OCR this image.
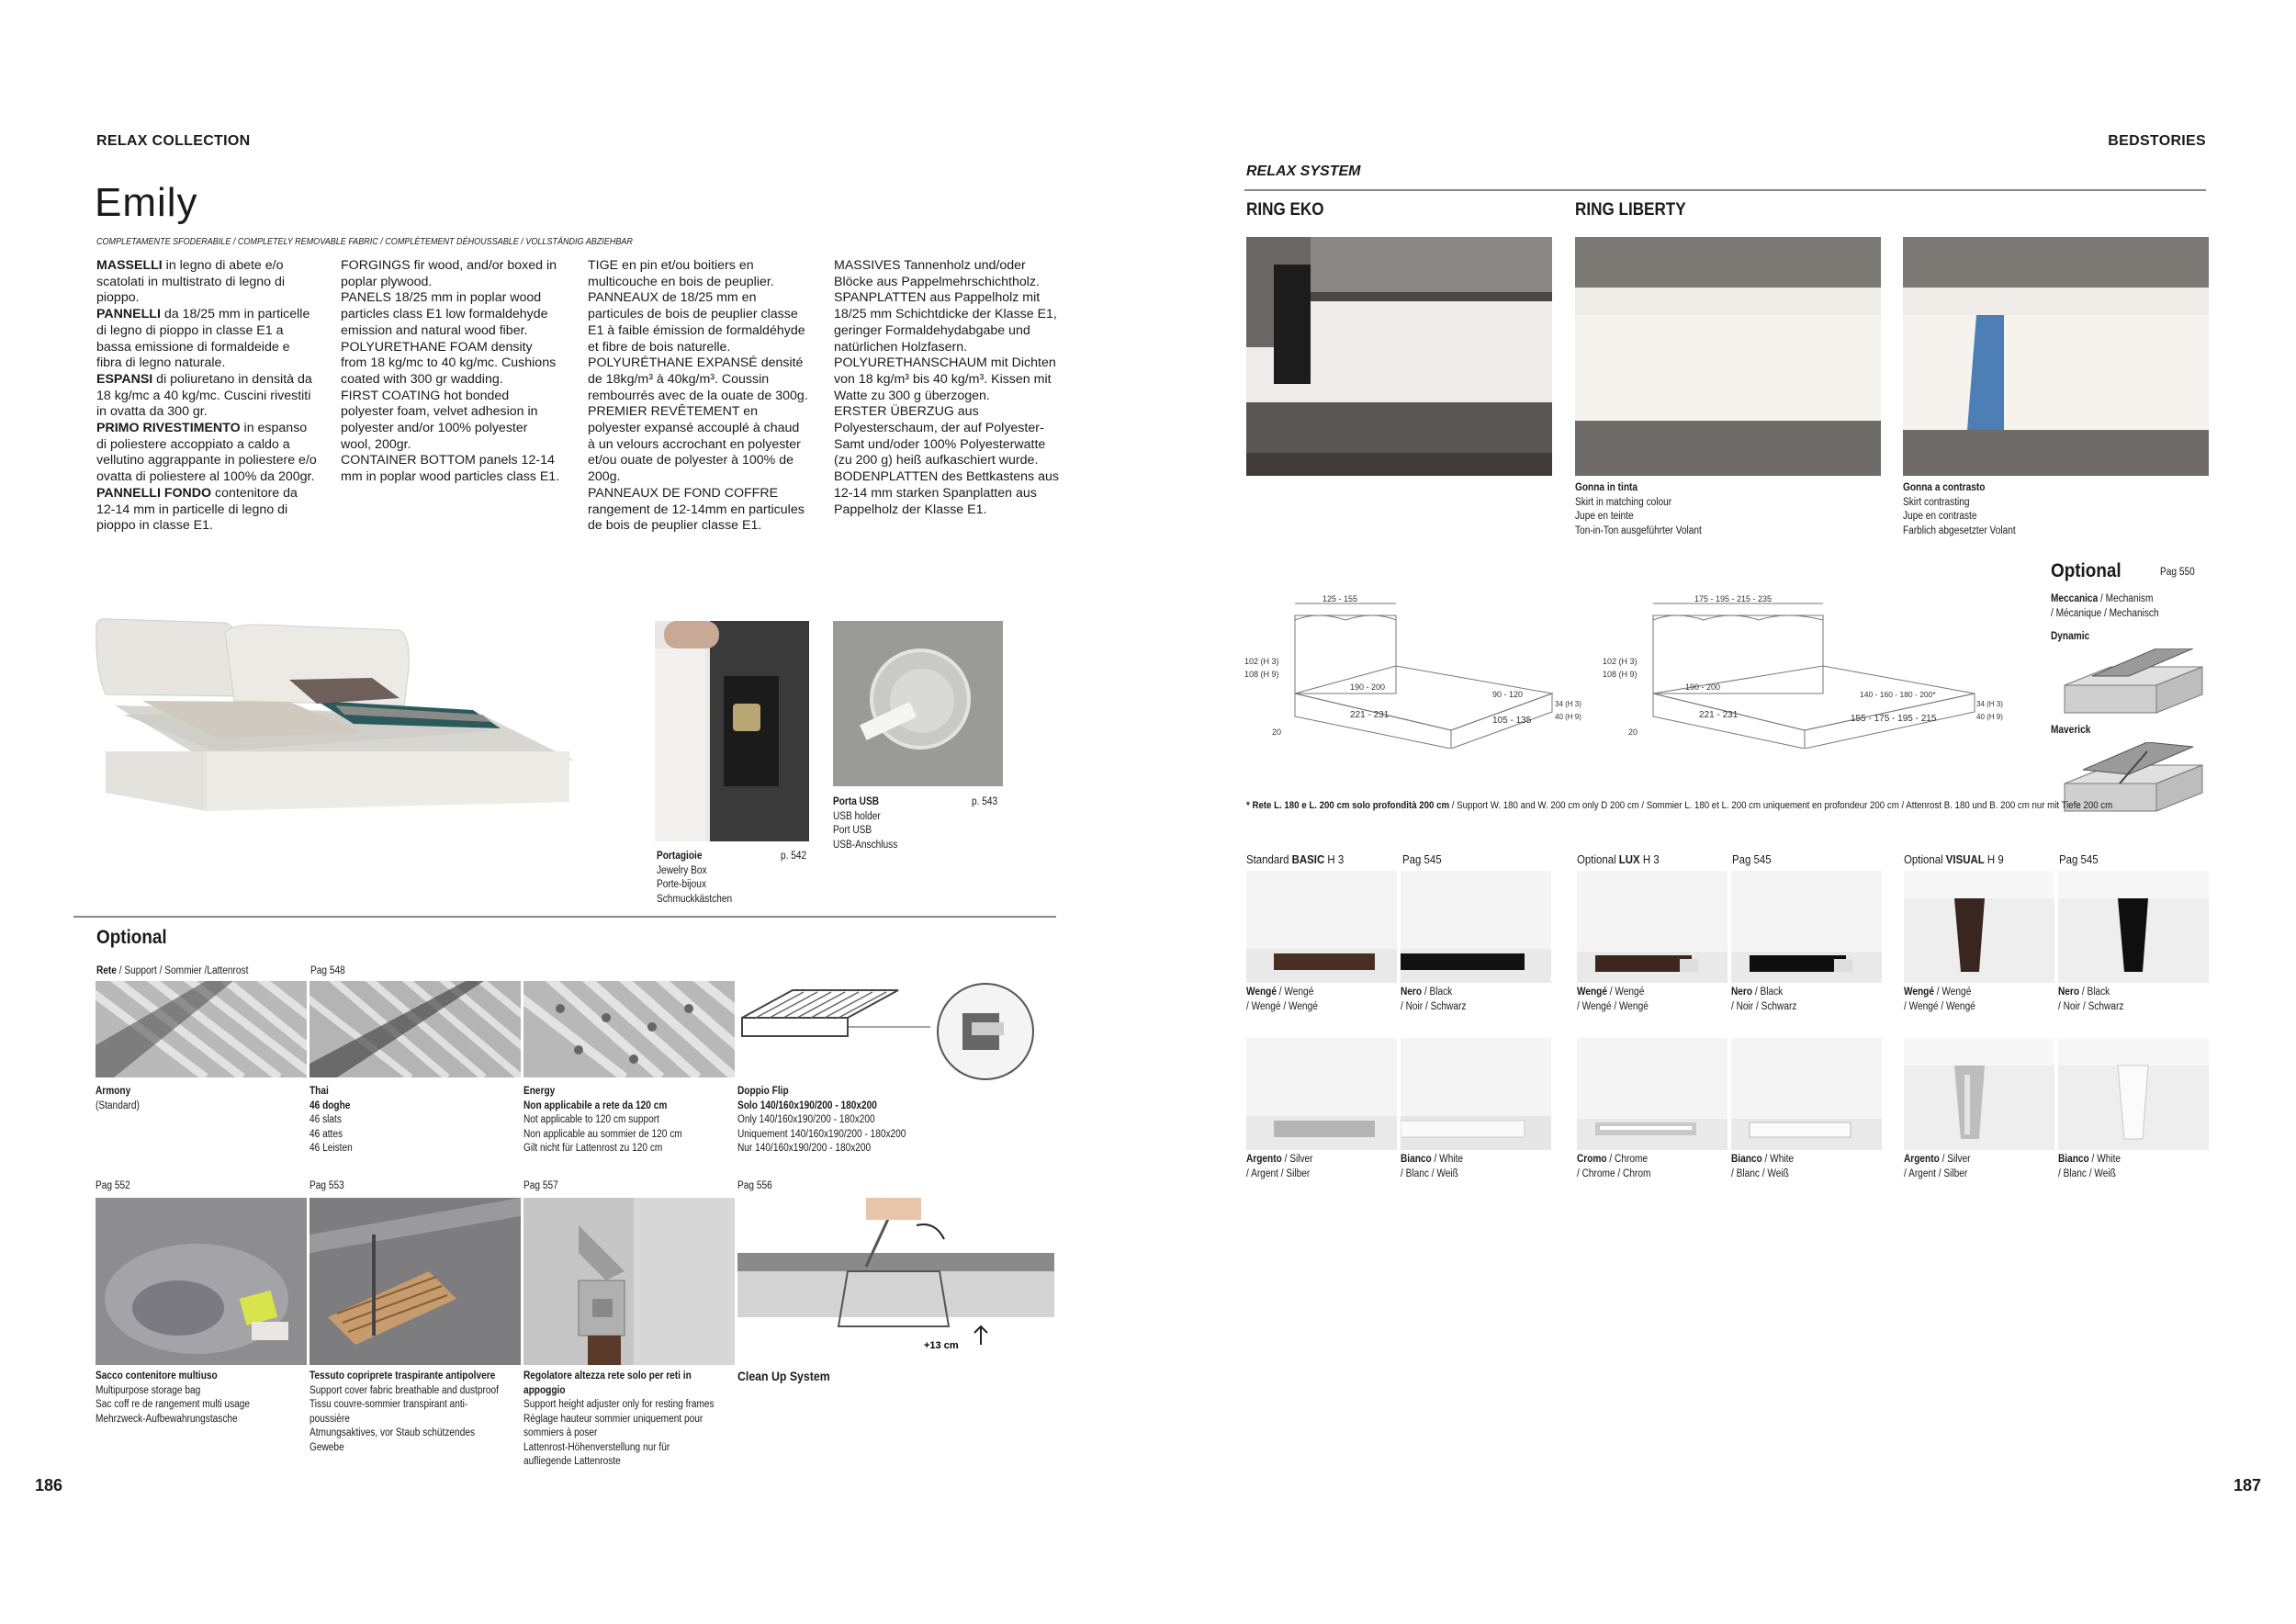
RELAX COLLECTION
Emily
COMPLETAMENTE SFODERABILE / COMPLETELY REMOVABLE FABRIC / COMPLÈTEMENT DÉHOUSSABLE / VOLLSTÄNDIG ABZIEHBAR
MASSELLI in legno di abete e/o scatolati in multistrato di legno di pioppo.
PANNELLI da 18/25 mm in particelle di legno di pioppo in classe E1 a bassa emissione di formaldeide e fibra di legno naturale.
ESPANSI di poliuretano in densità da 18 kg/mc a 40 kg/mc. Cuscini rivestiti in ovatta da 300 gr.
PRIMO RIVESTIMENTO in espanso di poliestere accoppiato a caldo a vellutino aggrappante in poliestere e/o ovatta di poliestere al 100% da 200gr.
PANNELLI FONDO contenitore da 12-14 mm in particelle di legno di pioppo in classe E1.
FORGINGS fir wood, and/or boxed in poplar plywood.
PANELS 18/25 mm in poplar wood particles class E1 low formaldehyde emission and natural wood fiber.
POLYURETHANE FOAM density from 18 kg/mc to 40 kg/mc. Cushions coated with 300 gr wadding.
FIRST COATING hot bonded polyester foam, velvet adhesion in polyester and/or 100% polyester wool, 200gr.
CONTAINER BOTTOM panels 12-14 mm in poplar wood particles class E1.
TIGE en pin et/ou boitiers en multicouche en bois de peuplier.
PANNEAUX de 18/25 mm en particules de bois de peuplier classe E1 à faible émission de formaldéhyde et fibre de bois naturelle.
POLYURÉTHANE EXPANSÉ densité de 18kg/m³ à 40kg/m³. Coussin rembourrés avec de la ouate de 300g.
PREMIER REVÊTEMENT en polyester expansé accouplé à chaud à un velours accrochant en polyester et/ou ouate de polyester à 100% de 200g.
PANNEAUX DE FOND COFFRE rangement de 12-14mm en particules de bois de peuplier classe E1.
MASSIVES Tannenholz und/oder Blöcke aus Pappelmehrschichtholz.
SPANPLATTEN aus Pappelholz mit 18/25 mm Schichtdicke der Klasse E1, geringer Formaldehydabgabe und natürlichen Holzfasern.
POLYURETHANSCHAUM mit Dichten von 18 kg/m³ bis 40 kg/m³. Kissen mit Watte zu 300 g überzogen.
ERSTER ÜBERZUG aus Polyesterschaum, der auf Polyester-Samt und/oder 100% Polyesterwatte (zu 200 g) heiß aufkaschiert wurde.
BODENPLATTEN des Bettkastens aus 12-14 mm starken Spanplatten aus Pappelholz der Klasse E1.
Portagioie
Jewelry Box
Porte-bijoux
Schmuckkästchen
p. 542
Porta USB
USB holder
Port USB
USB-Anschluss
p. 543
Optional
Rete / Support / Sommier /Lattenrost	Pag 548
Armony
(Standard)
Thai
46 doghe
46 slats
46 attes
46 Leisten
Energy
Non applicabile a rete da 120 cm
Not applicable to 120 cm support
Non applicable au sommier de 120 cm
Gilt nicht für Lattenrost zu 120 cm
Doppio Flip
Solo 140/160x190/200 - 180x200
Only 140/160x190/200 - 180x200
Uniquement 140/160x190/200 - 180x200
Nur 140/160x190/200 - 180x200
Pag 552	Pag 553	Pag 557	Pag 556
+13 cm
Sacco contenitore multiuso
Multipurpose storage bag
Sac coff re de rangement multi usage
Mehrzweck-Aufbewahrungstasche
Tessuto copriprete traspirante antipolvere
Support cover fabric breathable and dustproof
Tissu couvre-sommier transpirant anti-
poussière
Atmungsaktives, vor Staub schützendes
Gewebe
Regolatore altezza rete solo per reti in
appoggio
Support height adjuster only for resting frames
Réglage hauteur sommier uniquement pour
sommiers à poser
Lattenrost-Höhenverstellung nur für
aufliegende Lattenroste
Clean Up System
186
BEDSTORIES
RELAX SYSTEM
RING EKO	RING LIBERTY
Gonna in tinta
Skirt in matching colour
Jupe en teinte
Ton-in-Ton ausgeführter Volant
Gonna a contrasto
Skirt contrasting
Jupe en contraste
Farblich abgesetzter Volant
Optional	Pag 550
Meccanica / Mechanism
/ Mécanique / Mechanisch
Dynamic
Maverick
125 - 155
102 (H 3)
108 (H 9)
190 - 200
90 - 120
221 - 231
105 - 135
34 (H 3)
40 (H 9)
20
175 - 195 - 215 - 235
102 (H 3)
108 (H 9)
190 - 200
140 - 160 - 180 - 200*
221 - 231	155 - 175 - 195 - 215
34 (H 3)
40 (H 9)
20
* Rete L. 180 e L. 200 cm solo profondità 200 cm / Support W. 180 and W. 200 cm only D 200 cm / Sommier L. 180 et L. 200 cm uniquement en profondeur 200 cm / Attenrost B. 180 und B. 200 cm nur mit Tiefe 200 cm
Standard BASIC H 3	Pag 545	Optional LUX H 3	Pag 545	Optional VISUAL H 9	Pag 545
Wengé / Wengé
/ Wengé / Wengé
Nero / Black
/ Noir / Schwarz
Wengé / Wengé
/ Wengé / Wengé
Nero / Black
/ Noir / Schwarz
Wengé / Wengé
/ Wengé / Wengé
Nero / Black
/ Noir / Schwarz
Argento / Silver
/ Argent / Silber
Bianco / White
/ Blanc / Weiß
Cromo / Chrome
/ Chrome / Chrom
Bianco / White
/ Blanc / Weiß
Argento / Silver
/ Argent / Silber
Bianco / White
/ Blanc / Weiß
187
